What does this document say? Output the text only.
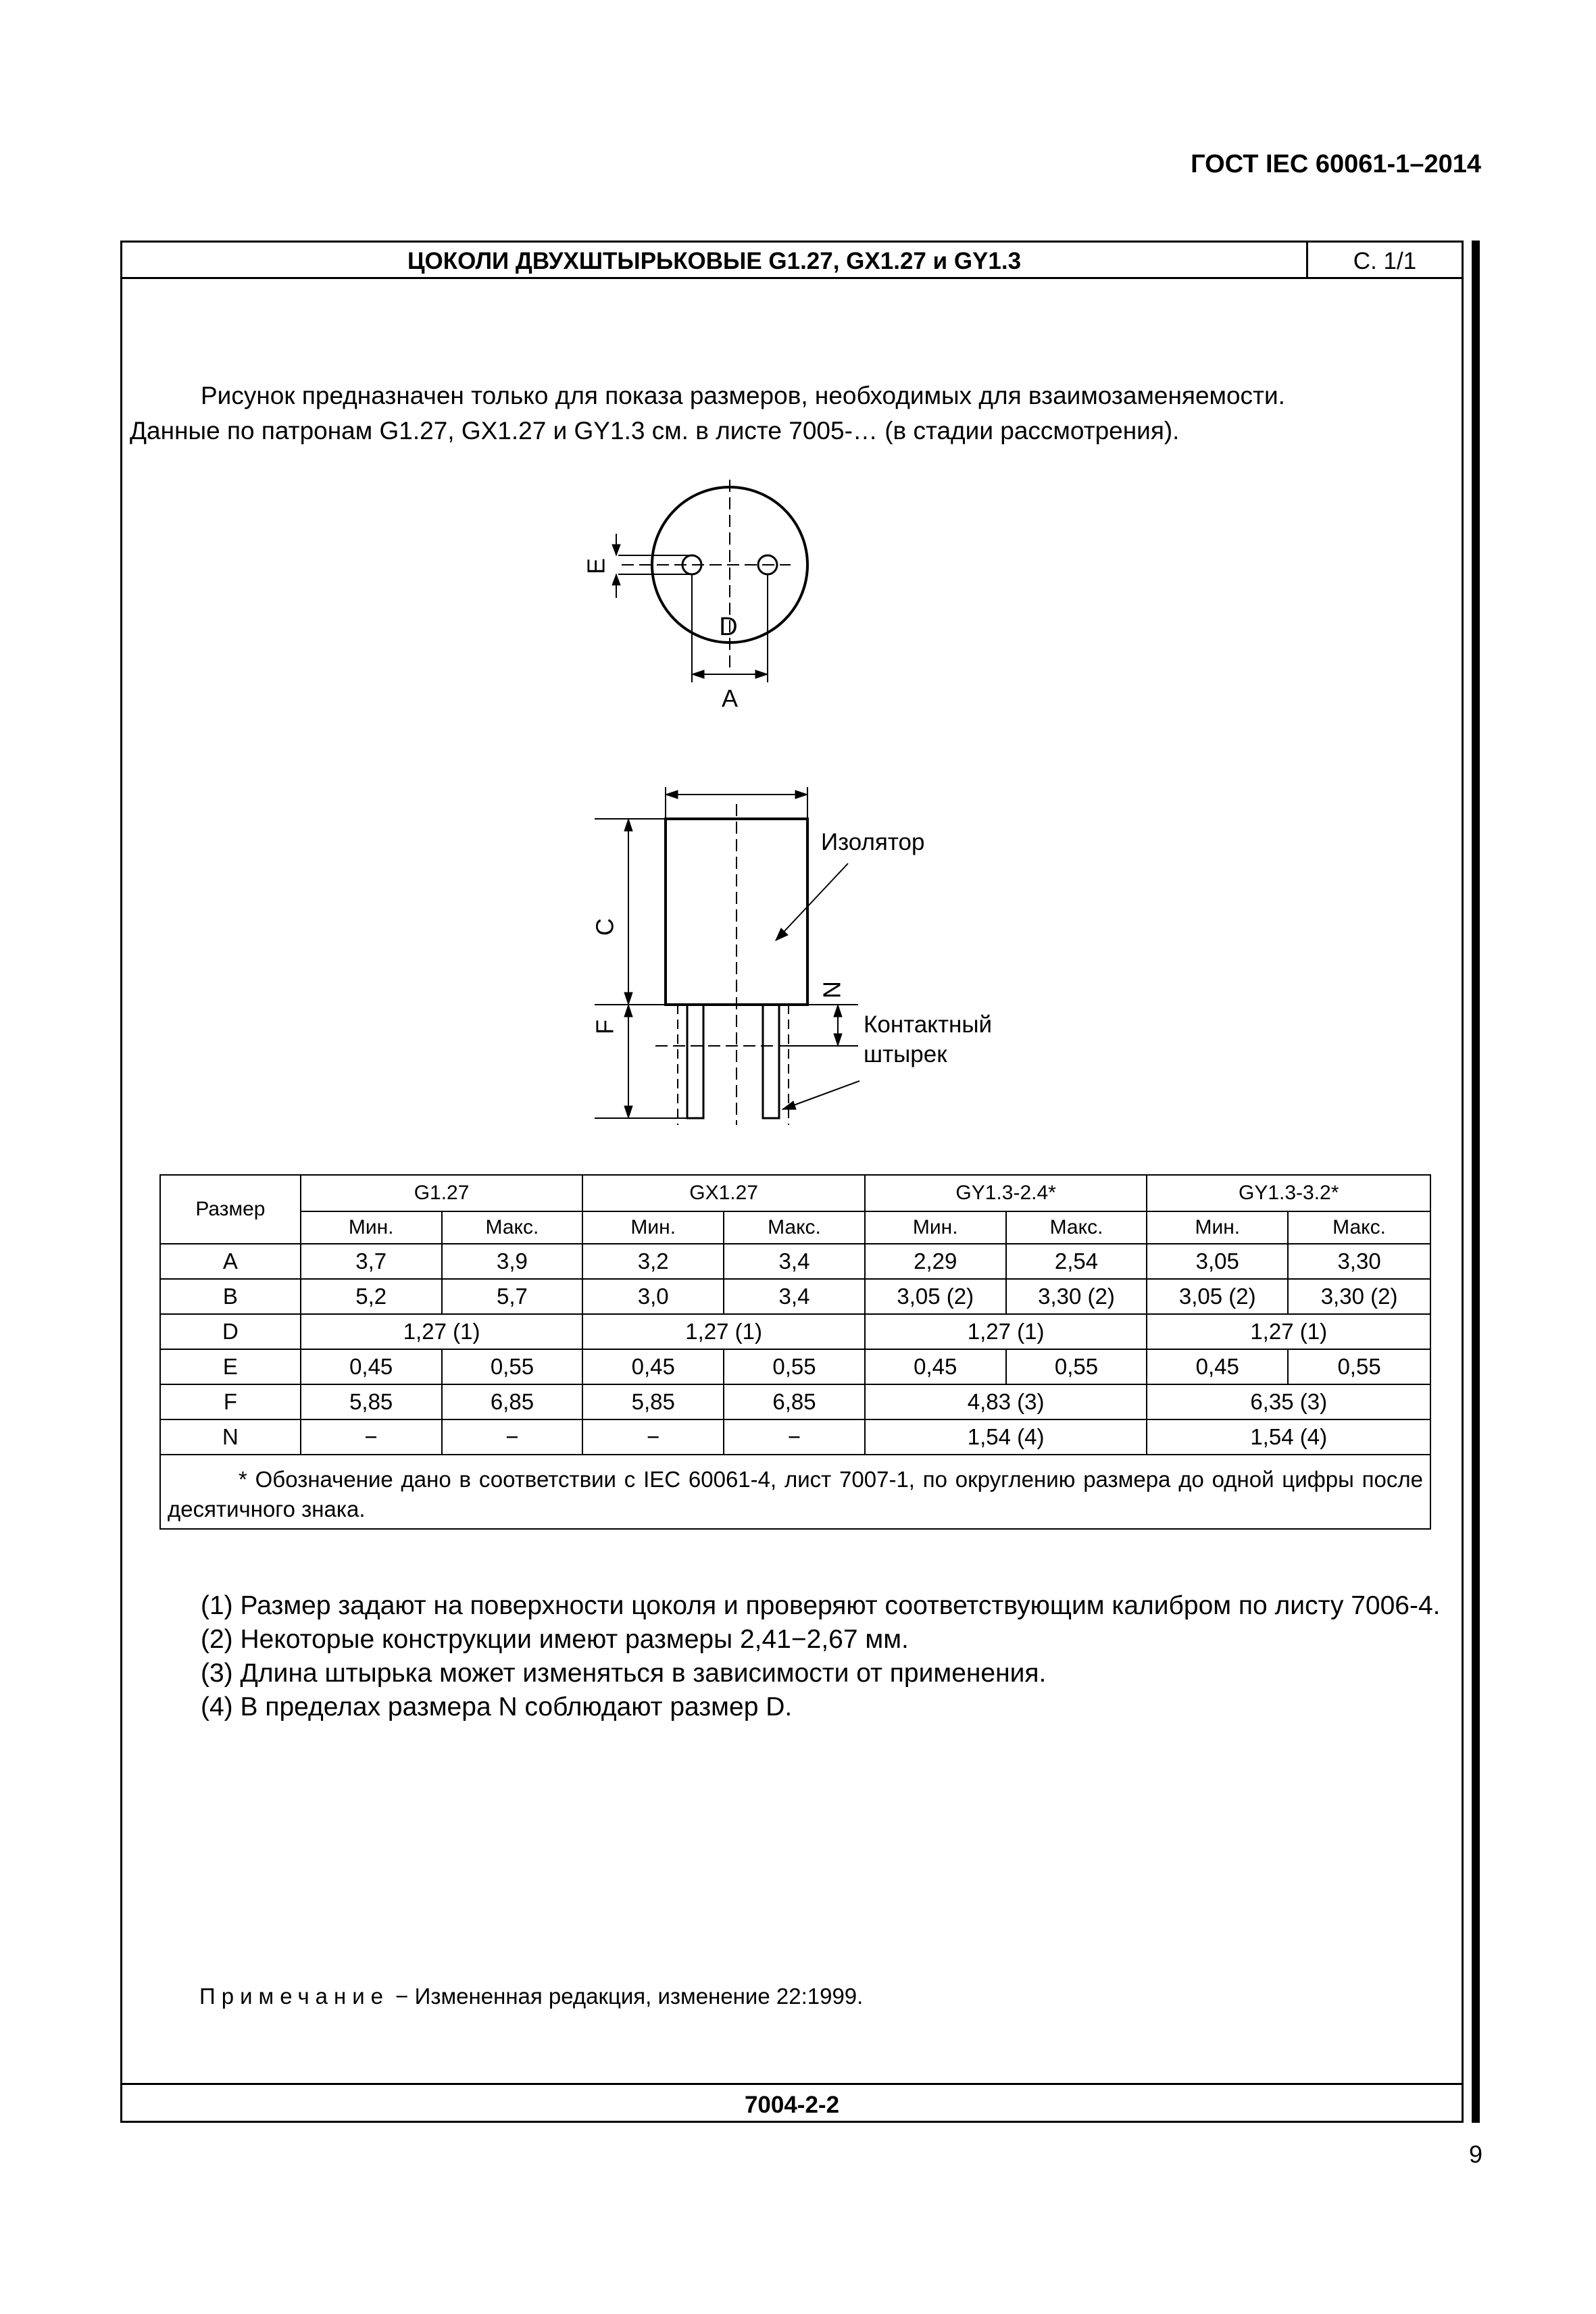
ГОСТ IEC 60061-1–2014
ЦОКОЛИ ДВУХШТЫРЬКОВЫЕ G1.27, GX1.27 и GY1.3	С. 1/1
7004-2-2

Рисунок предназначен только для показа размеров, необходимых для взаимозаменяемости.

Данные по патронам G1.27, GX1.27 и GY1.3 см. в листе 7005-… (в стадии рассмотрения).

E
D
A
C
F
N
Изолятор
Контактный
штырек
Размер	G1.27		GX1.27		GY1.3-2.4*		GY1.3-3.2*	
	Мин.	Макс.	Мин.	Макс.	Мин.	Макс.	Мин.	Макс.
A	3,7	3,9	3,2	3,4	2,29	2,54	3,05	3,30
B	5,2	5,7	3,0	3,4	3,05 (2)	3,30 (2)	3,05 (2)	3,30 (2)
D	1,27 (1)		1,27 (1)		1,27 (1)		1,27 (1)	
E	0,45	0,55	0,45	0,55	0,45	0,55	0,45	0,55
F	5,85	6,85	5,85	6,85	4,83 (3)		6,35 (3)	
N	−	−	−	−	1,54 (4)		1,54 (4)	

* Обозначение дано в соответствии с IEC 60061-4, лист 7007-1, по округлению размера до одной цифры после десятичного знака.								

(1) Размер задают на поверхности цоколя и проверяют соответствующим калибром по листу 7006-4.

(2) Некоторые конструкции имеют размеры 2,41−2,67 мм.

(3) Длина штырька может изменяться в зависимости от применения.

(4) В пределах размера N соблюдают размер D.

Примечание − Измененная редакция, изменение 22:1999.
9
